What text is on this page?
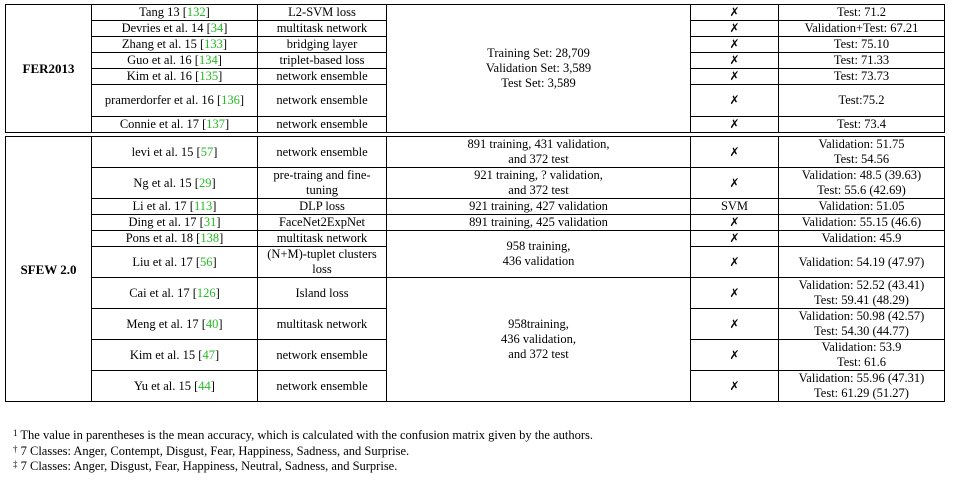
FER2013	Tang 13 [132]	L2-SVM loss	Training Set: 28,709
Validation Set: 3,589
Test Set: 3,589	✗	Test: 71.2
	Devries et al. 14 [34]	multitask network		✗	Validation+Test: 67.21
	Zhang et al. 15 [133]	bridging layer		✗	Test: 75.10
	Guo et al. 16 [134]	triplet-based loss		✗	Test: 71.33
	Kim et al. 16 [135]	network ensemble		✗	Test: 73.73
	pramerdorfer et al. 16 [136]	network ensemble		✗	Test:75.2
	Connie et al. 17 [137]	network ensemble		✗	Test: 73.4

SFEW 2.0	levi et al. 15 [57]	network ensemble	891 training, 431 validation,
and 372 test	✗	Validation: 51.75
Test: 54.56
	Ng et al. 15 [29]	pre-traing and fine-tuning	921 training, ? validation,
and 372 test	✗	Validation: 48.5 (39.63)
Test: 55.6 (42.69)
	Li et al. 17 [113]	DLP loss	921 training, 427 validation	SVM	Validation: 51.05
	Ding et al. 17 [31]	FaceNet2ExpNet	891 training, 425 validation	✗	Validation: 55.15 (46.6)
	Pons et al. 18 [138]	multitask network	958 training,
436 validation	✗	Validation: 45.9
	Liu et al. 17 [56]	(N+M)-tuplet clusters loss		✗	Validation: 54.19 (47.97)
	Cai et al. 17 [126]	Island loss	958training,
436 validation,
and 372 test	✗	Validation: 52.52 (43.41)
Test: 59.41 (48.29)
	Meng et al. 17 [40]	multitask network		✗	Validation: 50.98 (42.57)
Test: 54.30 (44.77)
	Kim et al. 15 [47]	network ensemble		✗	Validation: 53.9
Test: 61.6
	Yu et al. 15 [44]	network ensemble		✗	Validation: 55.96 (47.31)
Test: 61.29 (51.27)
$^1$ The value in parentheses is the mean accuracy, which is calculated with the confusion matrix given by the authors.
† 7 Classes: Anger, Contempt, Disgust, Fear, Happiness, Sadness, and Surprise.
‡ 7 Classes: Anger, Disgust, Fear, Happiness, Neutral, Sadness, and Surprise.
